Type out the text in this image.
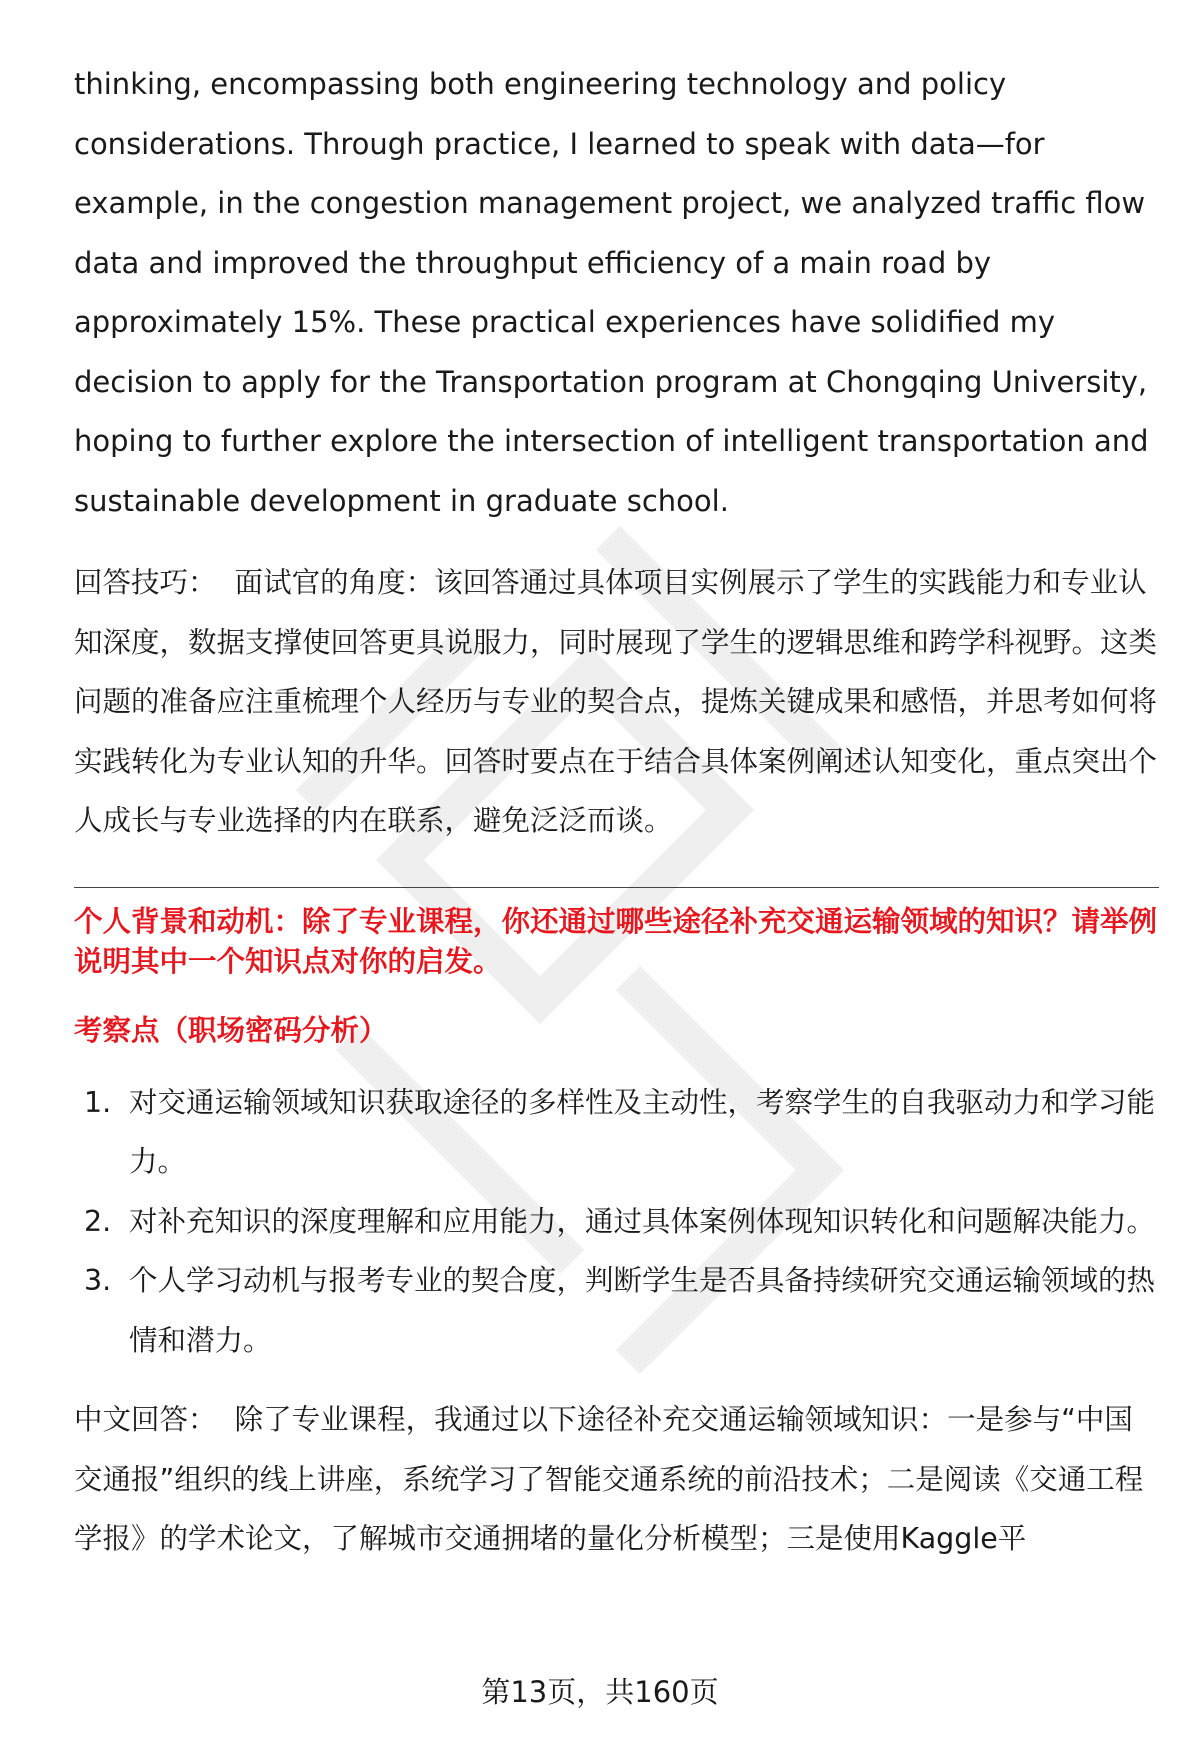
thinking, encompassing both engineering technology and policy considerations. Through practice, I learned to speak with data—for example, in the congestion management project, we analyzed traffic flow data and improved the throughput efficiency of a main road by approximately 15%. These practical experiences have solidified my decision to apply for the Transportation program at Chongqing University, hoping to further explore the intersection of intelligent transportation and sustainable development in graduate school.

回答技巧： 面试官的角度：该回答通过具体项目实例展示了学生的实践能力和专业认知深度，数据支撑使回答更具说服力，同时展现了学生的逻辑思维和跨学科视野。这类问题的准备应注重梳理个人经历与专业的契合点，提炼关键成果和感悟，并思考如何将实践转化为专业认知的升华。回答时要点在于结合具体案例阐述认知变化，重点突出个人成长与专业选择的内在联系，避免泛泛而谈。

个人背景和动机：除了专业课程，你还通过哪些途径补充交通运输领域的知识？请举例说明其中一个知识点对你的启发。

考察点（职场密码分析）

1. 对交通运输领域知识获取途径的多样性及主动性，考察学生的自我驱动力和学习能力。
2. 对补充知识的深度理解和应用能力，通过具体案例体现知识转化和问题解决能力。
3. 个人学习动机与报考专业的契合度，判断学生是否具备持续研究交通运输领域的热情和潜力。

中文回答： 除了专业课程，我通过以下途径补充交通运输领域知识：一是参与“中国交通报”组织的线上讲座，系统学习了智能交通系统的前沿技术；二是阅读《交通工程学报》的学术论文，了解城市交通拥堵的量化分析模型；三是使用Kaggle平

第13页，共160页
